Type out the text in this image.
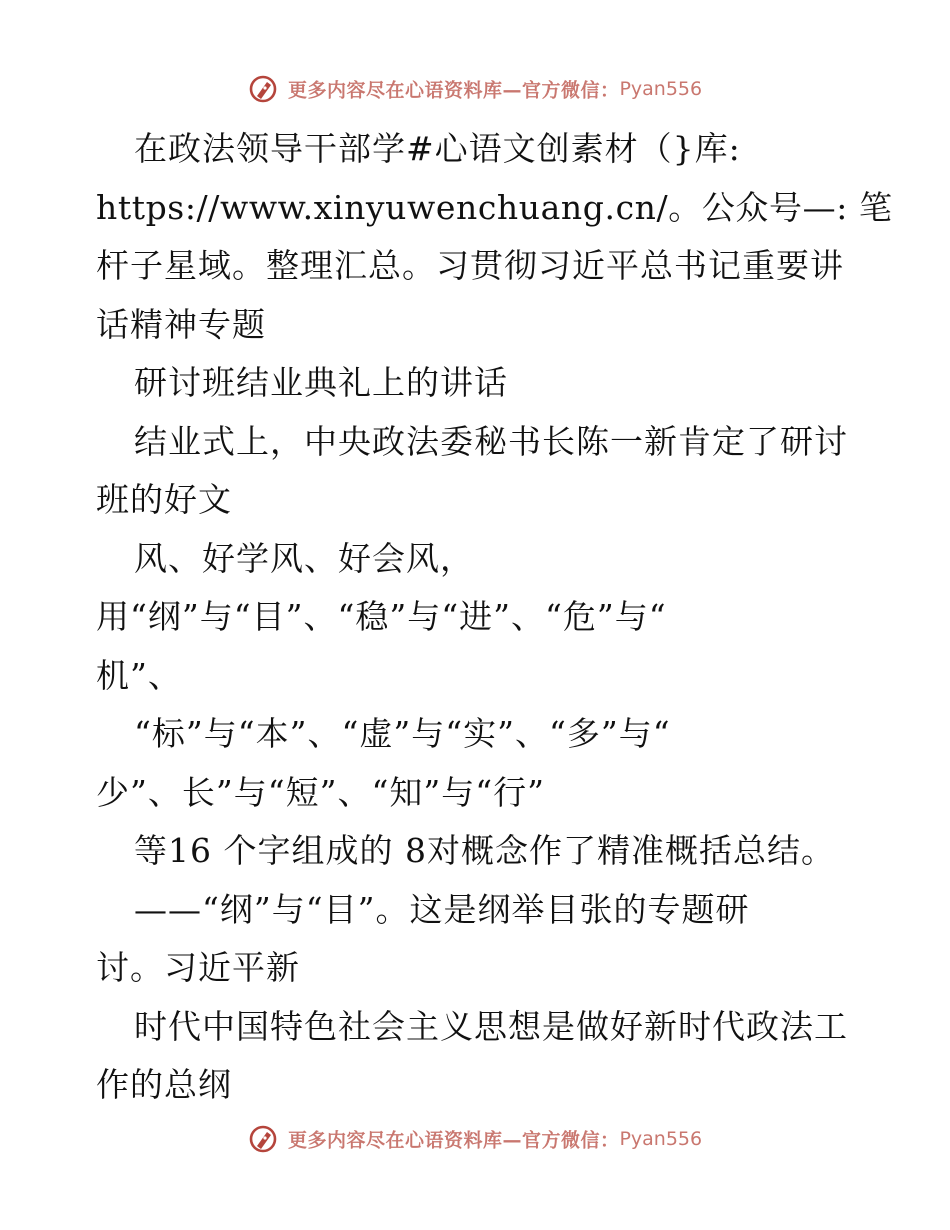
更多内容尽在心语资料库—官方微信：Pyan556
在政法领导干部学#心语文创素材（}库:
https://www.xinyuwenchuang.cn/。公众号—: 笔
杆子星域。整理汇总。习贯彻习近平总书记重要讲
话精神专题
研讨班结业典礼上的讲话
结业式上，中央政法委秘书长陈一新肯定了研讨
班的好文
风、好学风、好会风，
用“纲”与“目”、“稳”与“进”、“危”与“
机”、
“标”与“本”、“虚”与“实”、“多”与“
少”、长”与“短”、“知”与“行”
等16 个字组成的 8对概念作了精准概括总结。
——“纲”与“目”。这是纲举目张的专题研
讨。习近平新
时代中国特色社会主义思想是做好新时代政法工
作的总纲
更多内容尽在心语资料库—官方微信：Pyan556
